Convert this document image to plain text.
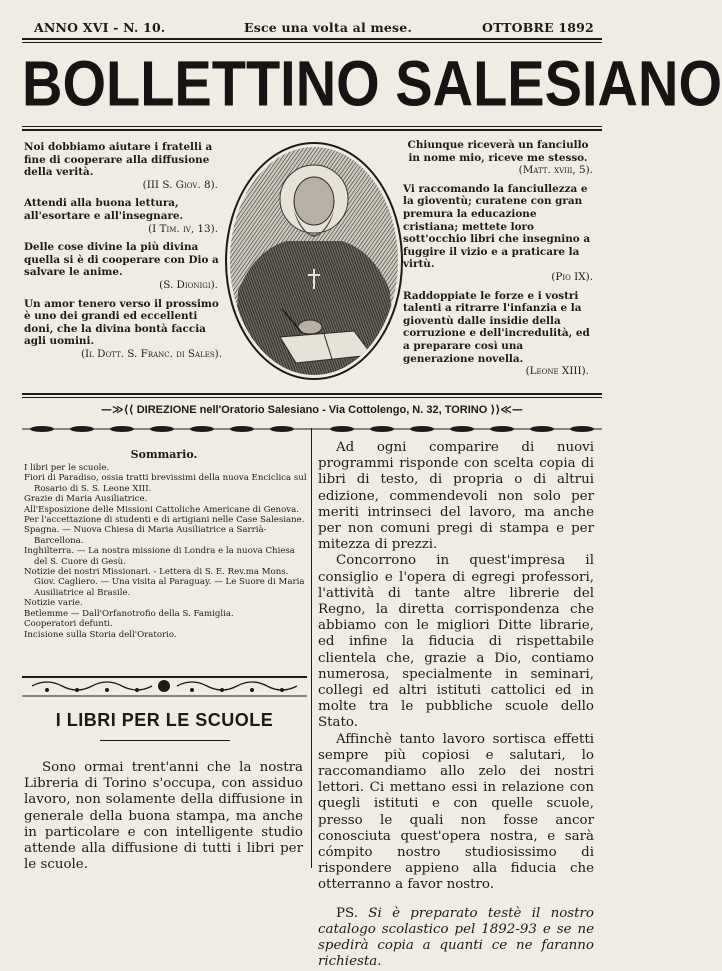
ANNO XVI - N. 10.	Esce una volta al mese.	OTTOBRE 1892
BOLLETTINO SALESIANO

Noi dobbiamo aiutare i fratelli a fine di cooperare alla diffusione della verità.

(III S. Giov. 8).

Attendi alla buona lettura, all'esortare e all'insegnare.

(I Tim. iv, 13).

Delle cose divine la più divina quella si è di cooperare con Dio a salvare le anime.

(S. Dionigi).

Un amor tenero verso il prossimo è uno dei grandi ed eccellenti doni, che la divina bontà faccia agli uomini.

(Il Dott. S. Franc. di Sales).

Chiunque riceverà un fanciullo in nome mio, riceve me stesso.

(Matt. xviii, 5).

Vi raccomando la fanciullezza e la gioventù; curatene con gran premura la educazione cristiana; mettete loro sott'occhio libri che insegnino a fuggire il vizio e a praticare la virtù.

(Pio IX).

Raddoppiate le forze e i vostri talenti a ritrarre l'infanzia e la gioventù dalle insidie della corruzione e dell'incredulità, ed a preparare così una generazione novella.

(Leone XIII).

—≫⟨⟨ DIREZIONE nell'Oratorio Salesiano - Via Cottolengo, N. 32, TORINO ⟩⟩≪—
Sommario.
I libri per le scuole.
Fiori di Paradiso, ossia tratti brevissimi della nuova Enciclica sul Rosario di S. S. Leone XIII.
Grazie di Maria Ausiliatrice.
All'Esposizione delle Missioni Cattoliche Americane di Genova.
Per l'accettazione di studenti e di artigiani nelle Case Salesiane.
Spagna. — Nuova Chiesa di Maria Ausiliatrice a Sarrià-Barcellona.
Inghilterra. — La nostra missione di Londra e la nuova Chiesa del S. Cuore di Gesù.
Notizie dei nostri Missionari. - Lettera di S. E. Rev.ma Mons. Giov. Cagliero. — Una visita al Paraguay. — Le Suore di Maria Ausiliatrice al Brasile.
Notizie varie.
Betlemme — Dall'Orfanotrofio della S. Famiglia.
Cooperatori defunti.
Incisione sulla Storia dell'Oratorio.
I LIBRI PER LE SCUOLE

Sono ormai trent'anni che la nostra Libreria di Torino s'occupa, con assiduo lavoro, non solamente della diffusione in generale della buona stampa, ma anche in particolare e con intelligente studio attende alla diffusione di tutti i libri per le scuole.

Ad ogni comparire di nuovi programmi risponde con scelta copia di libri di testo, di propria o di altrui edizione, commendevoli non solo per meriti intrinseci del lavoro, ma anche per non comuni pregi di stampa e per mitezza di prezzi.

Concorrono in quest'impresa il consiglio e l'opera di egregi professori, l'attività di tante altre librerie del Regno, la diretta corrispondenza che abbiamo con le migliori Ditte librarie, ed infine la fiducia di rispettabile clientela che, grazie a Dio, contiamo numerosa, specialmente in seminari, collegi ed altri istituti cattolici ed in molte tra le pubbliche scuole dello Stato.

Affinchè tanto lavoro sortisca effetti sempre più copiosi e salutari, lo raccomandiamo allo zelo dei nostri lettori. Ci mettano essi in relazione con quegli istituti e con quelle scuole, presso le quali non fosse ancor conosciuta quest'opera nostra, e sarà cómpito nostro studiosissimo di rispondere appieno alla fiducia che otterranno a favor nostro.

PS. Si è preparato testè il nostro catalogo scolastico pel 1892-93 e se ne spedirà copia a quanti ce ne faranno richiesta.
